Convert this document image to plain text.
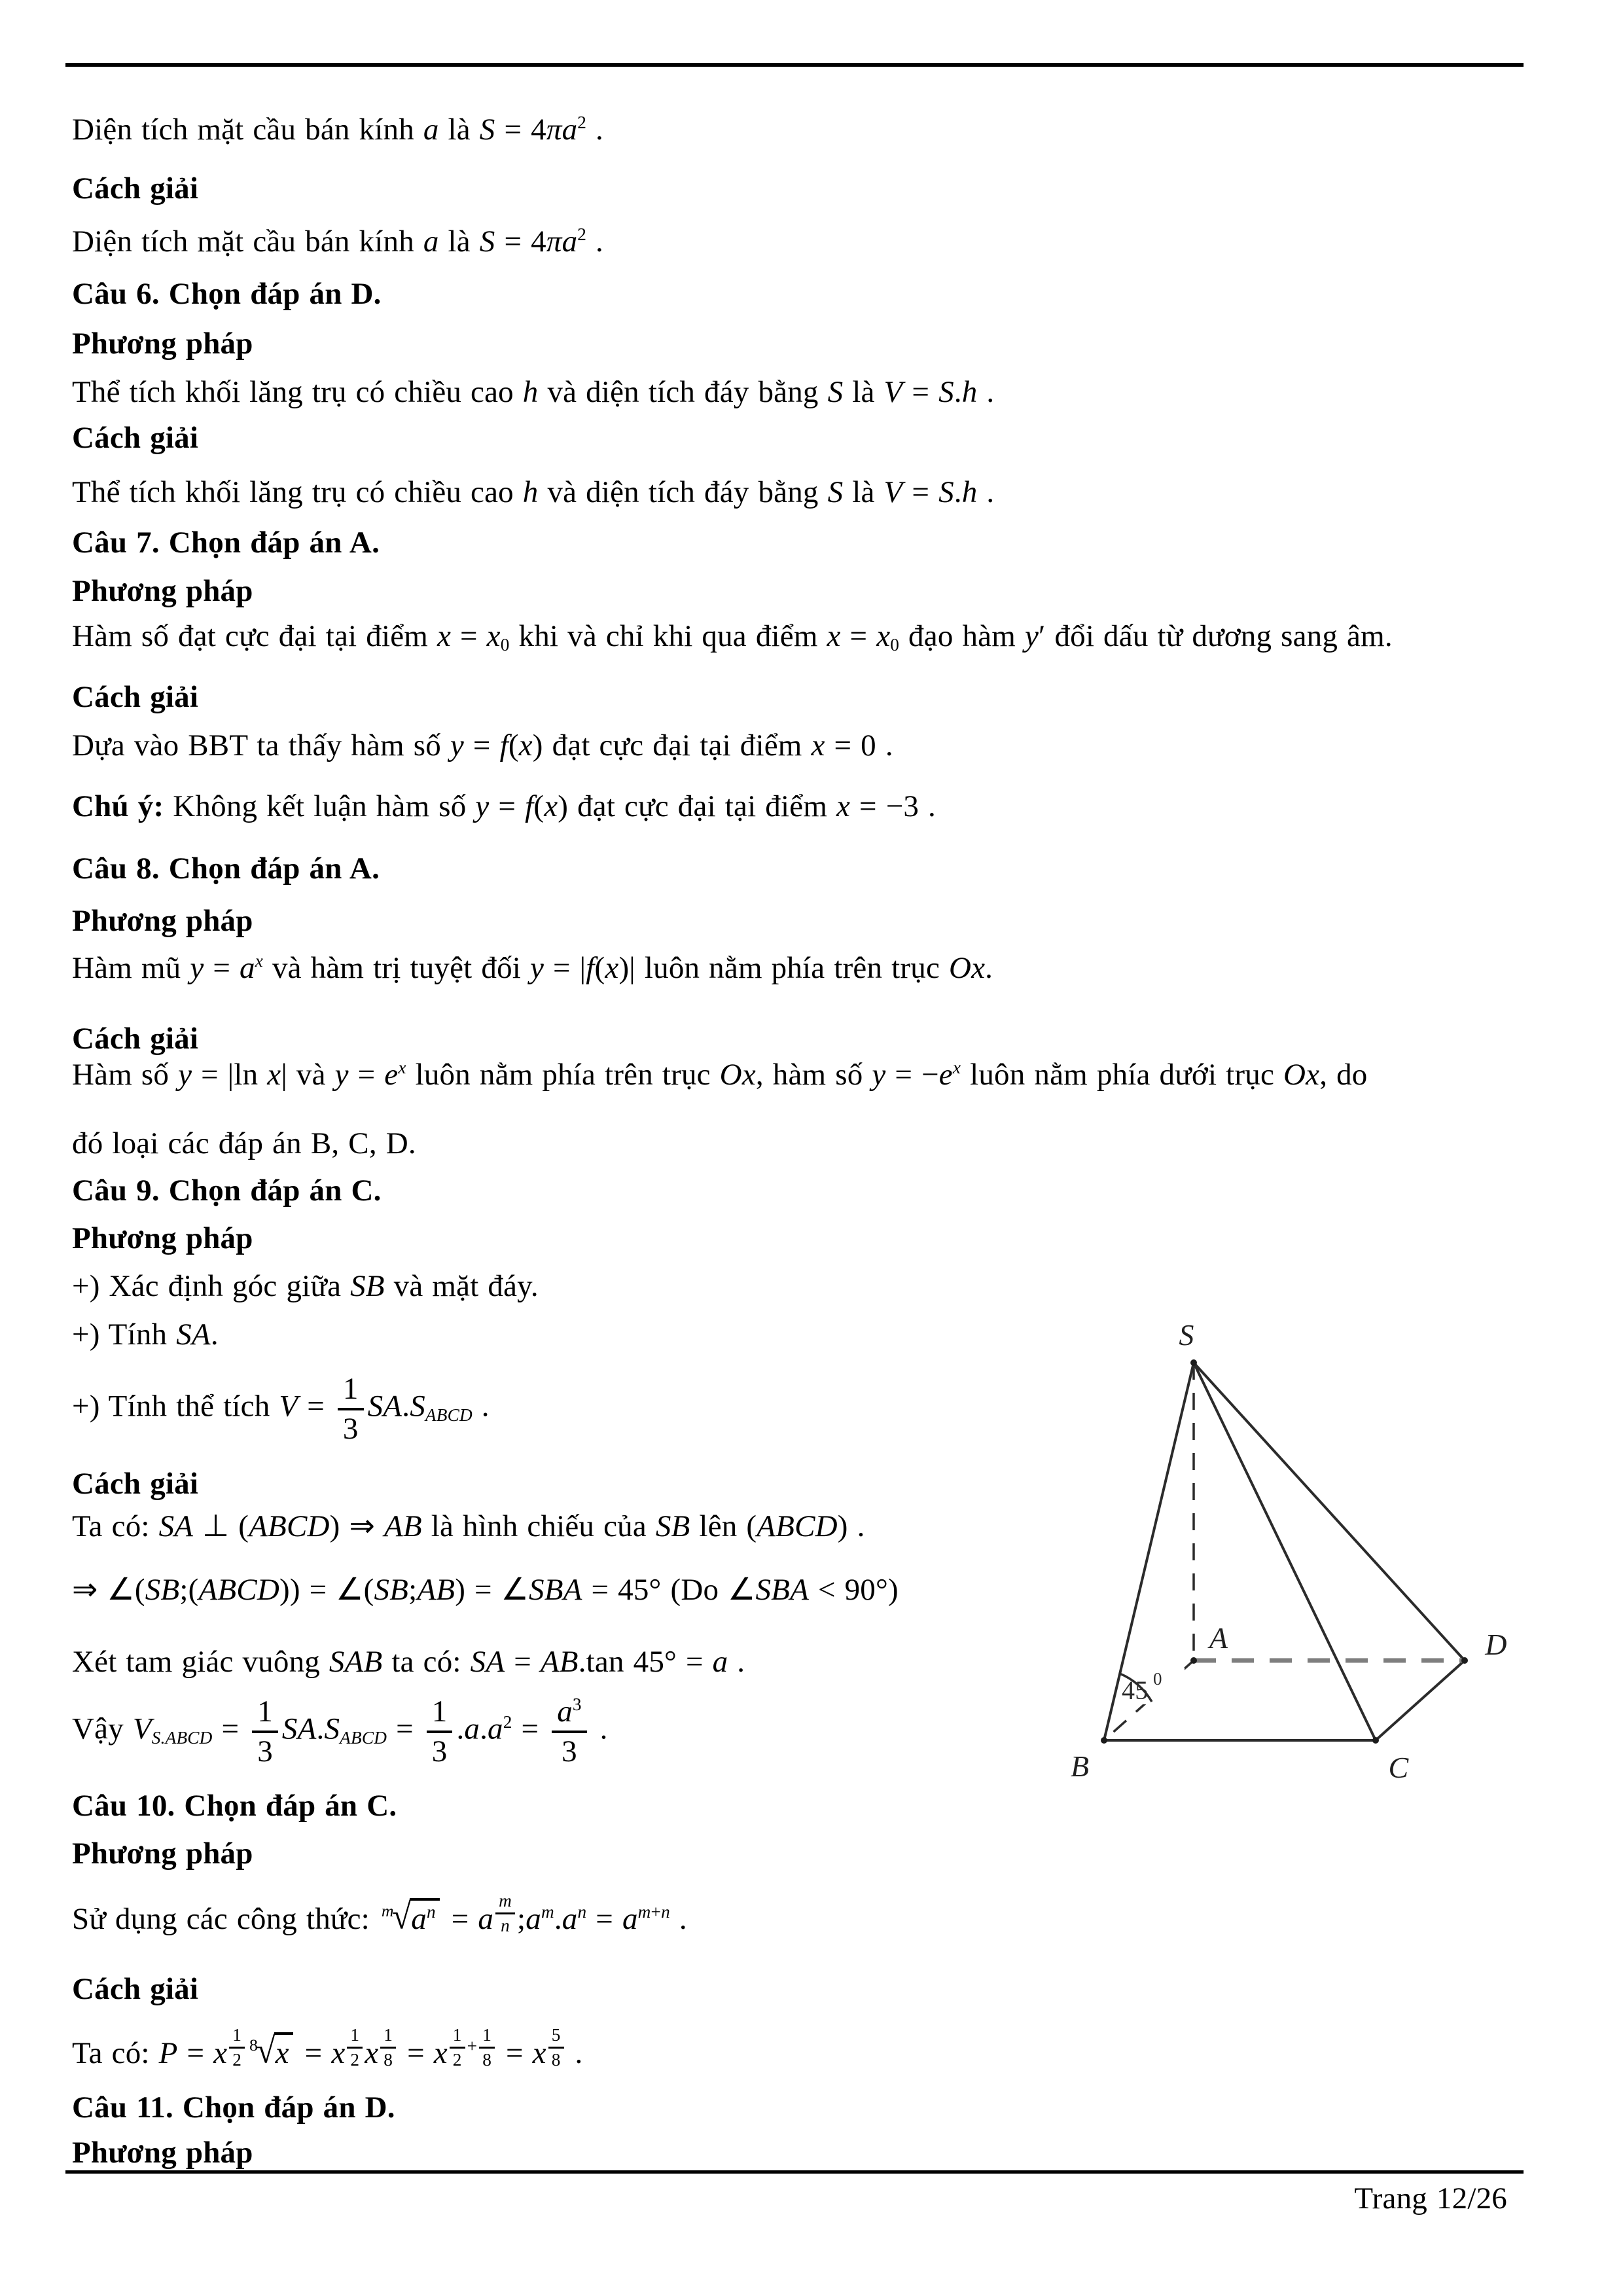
S
A
B	C
D
45 0
Trang 12/26
Diện tích mặt cầu bán kính a là $S = 4\pi a^2$ .
Cách giải
Diện tích mặt cầu bán kính a là $S = 4\pi a^2$ .
Câu 6. Chọn đáp án D.
Phương pháp
Thể tích khối lăng trụ có chiều cao h và diện tích đáy bằng S là V = S.h .
Cách giải
Thể tích khối lăng trụ có chiều cao h và diện tích đáy bằng S là V = S.h .
Câu 7. Chọn đáp án A.
Phương pháp
Hàm số đạt cực đại tại điểm x = x0 khi và chỉ khi qua điểm x = x0 đạo hàm y′ đổi dấu từ dương sang âm.
Cách giải
Dựa vào BBT ta thấy hàm số y = f(x) đạt cực đại tại điểm x = 0 .
Chú ý: Không kết luận hàm số y = f(x) đạt cực đại tại điểm x = −3 .
Câu 8. Chọn đáp án A.
Phương pháp
Hàm mũ $y = a^x$ và hàm trị tuyệt đối y = |f(x)| luôn nằm phía trên trục Ox.
Cách giải
Hàm số y = |ln x| và $y = e^x$ luôn nằm phía trên trục Ox, hàm số $y = -e^x$ luôn nằm phía dưới trục Ox, do
đó loại các đáp án B, C, D.
Câu 9. Chọn đáp án C.
Phương pháp
+) Xác định góc giữa SB và mặt đáy.
+) Tính SA.
+) Tính thể tích $V = \frac{1}{3}$ SA.SABCD .
Cách giải
Ta có: SA ⊥ (ABCD) ⇒ AB là hình chiếu của SB lên (ABCD) .
⇒ ∠(SB;(ABCD)) = ∠(SB;AB) = ∠SBA = 45° (Do ∠SBA < 90°)
Xét tam giác vuông SAB ta có: SA = AB.tan 45° = a .
Vậy VS.ABCD = $\frac{1}{3}$ SA.SABCD = $\frac{1}{3} .a.a^2 = \frac{a^3}{3}$ .
Câu 10. Chọn đáp án C.
Phương pháp
Sử dụng các công thức: m
√ $a^n = a$ $^{\frac{m}{n}}$ $;a^m.a^n = a^{m+n}$ .
Cách giải
Ta có: P = x $^{\frac{1}{2}}$ 8
√ x = x $^{\frac{1}{2}}$ x $^{\frac{1}{8}}$ = x $^{\frac{1}{2} + \frac{1}{8}}$ = x $^{\frac{5}{8}}$ .
Câu 11. Chọn đáp án D.
Phương pháp
